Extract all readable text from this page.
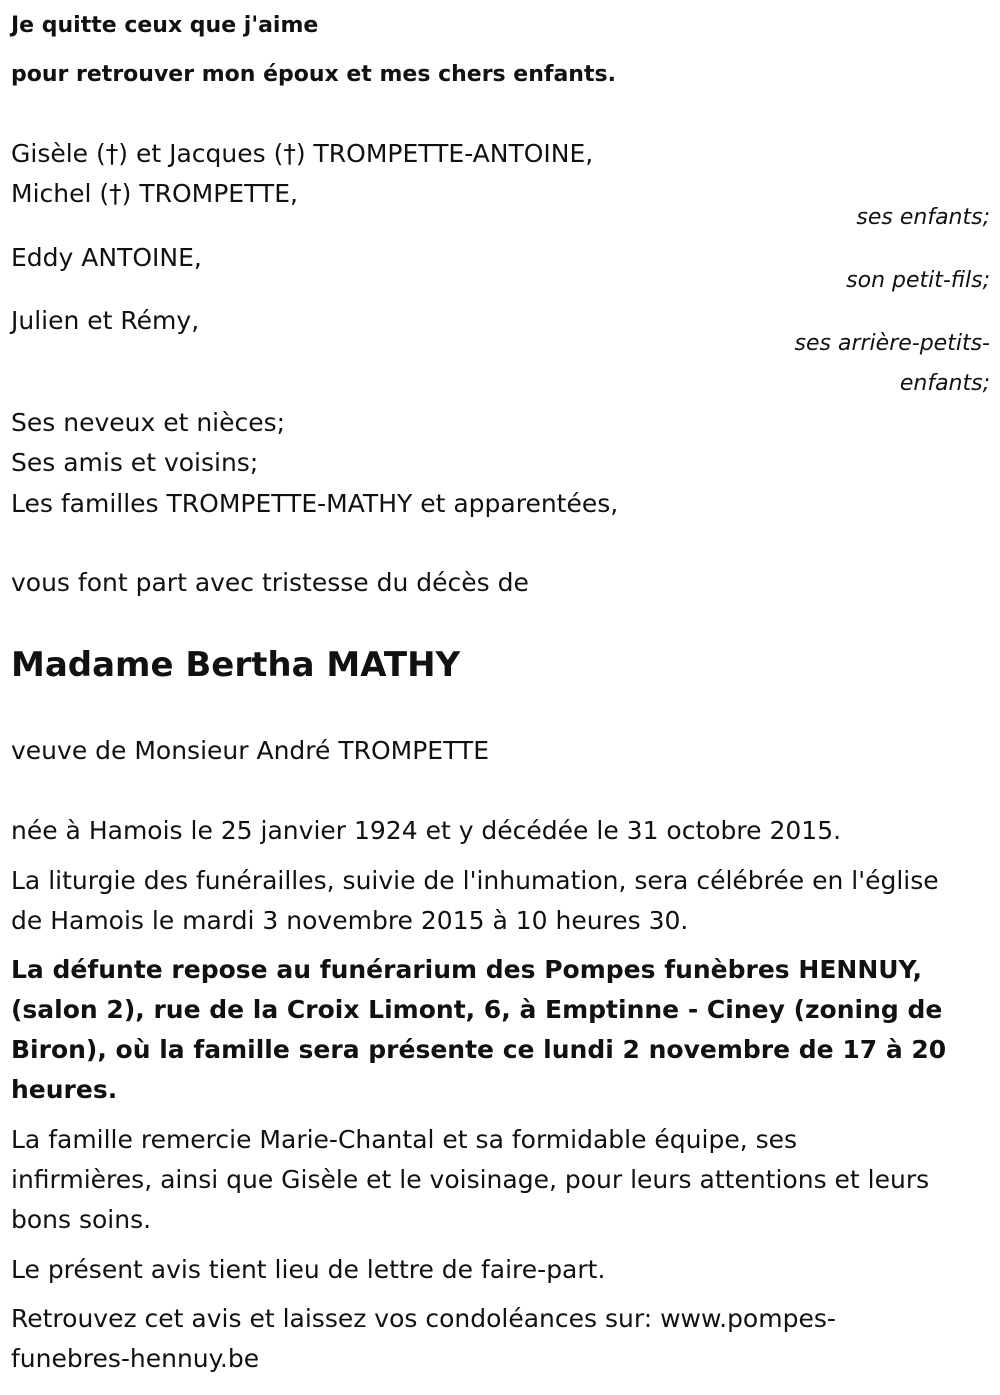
Je quitte ceux que j'aime
pour retrouver mon époux et mes chers enfants.
Gisèle (†) et Jacques (†) TROMPETTE-ANTOINE,
Michel (†) TROMPETTE,
ses enfants;
Eddy ANTOINE,
son petit-fils;
Julien et Rémy,
ses arrière-petits-
enfants;
Ses neveux et nièces;
Ses amis et voisins;
Les familles TROMPETTE-MATHY et apparentées,
vous font part avec tristesse du décès de
Madame Bertha MATHY
veuve de Monsieur André TROMPETTE
née à Hamois le 25 janvier 1924 et y décédée le 31 octobre 2015.
La liturgie des funérailles, suivie de l'inhumation, sera célébrée en l'église
de Hamois le mardi 3 novembre 2015 à 10 heures 30.
La défunte repose au funérarium des Pompes funèbres HENNUY,
(salon 2), rue de la Croix Limont, 6, à Emptinne - Ciney (zoning de
Biron), où la famille sera présente ce lundi 2 novembre de 17 à 20
heures.
La famille remercie Marie-Chantal et sa formidable équipe, ses
infirmières, ainsi que Gisèle et le voisinage, pour leurs attentions et leurs
bons soins.
Le présent avis tient lieu de lettre de faire-part.
Retrouvez cet avis et laissez vos condoléances sur: www.pompes-
funebres-hennuy.be
